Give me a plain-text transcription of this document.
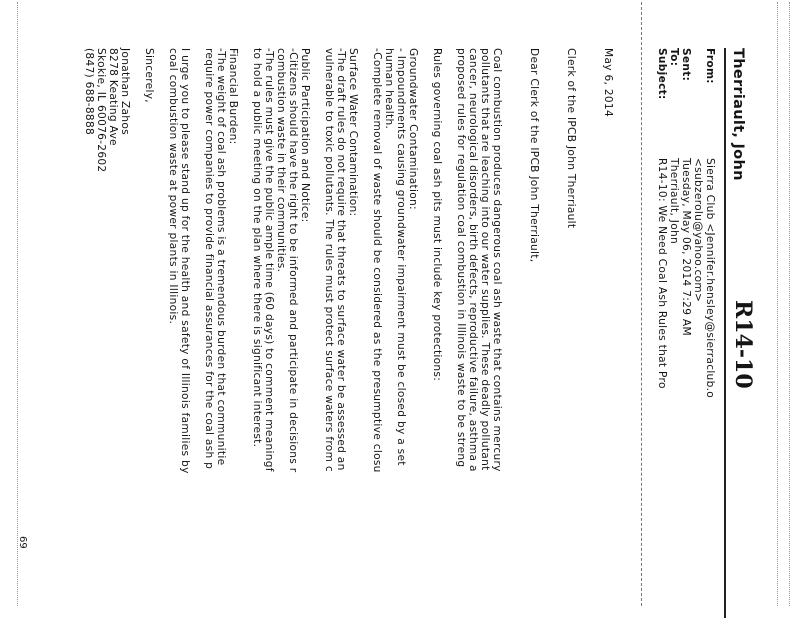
R14-10
Therriault, John
From:

Sent:
To:
Subject:
Sierra Club <Jennifer.hensley@sierraclub.o
<subzerolu@yahoo.com>
Tuesday, May 06, 2014 7:29 AM
Therriault, John
R14-10: We Need Coal Ash Rules that Pro
May 6, 2014
Clerk of the IPCB John Therriault
Dear Clerk of the IPCB John Therriault,
Coal combustion produces dangerous coal ash waste that contains mercury
pollutants that are leaching into our water supplies. These deadly pollutant
cancer, neurological disorders, birth defects, reproductive failure, asthma a
proposed rules for regulation coal combustion in Illinois waste to be streng
Rules governing coal ash pits must include key protections:
Groundwater Contamination:
- Impoundments causing groundwater impairment must be closed by a set
human health.
-Complete removal of waste should be considered as the presumptive closu
Surface Water Contamination:
-The draft rules do not require that threats to surface water be assessed an
vulnerable to toxic pollutants. The rules must protect surface waters from c
Public Participation and Notice:
-Citizens should have the right to be informed and participate in decisions r
combustion waste in their communities.
-The rules must give the public ample time (60 days) to comment meaningf
to hold a public meeting on the plan where there is significant interest.
Financial Burden:
-The weight of coal ash problems is a tremendous burden that communitie
require power companies to provide financial assurances for the coal ash p
I urge you to please stand up for the health and safety of Illinois families by
coal combustion waste at power plants in Illinois.
Sincerely,
Jonathan Zahos
8278 Keating Ave
Skokie, IL 60076-2602
(847) 688-8888
69
